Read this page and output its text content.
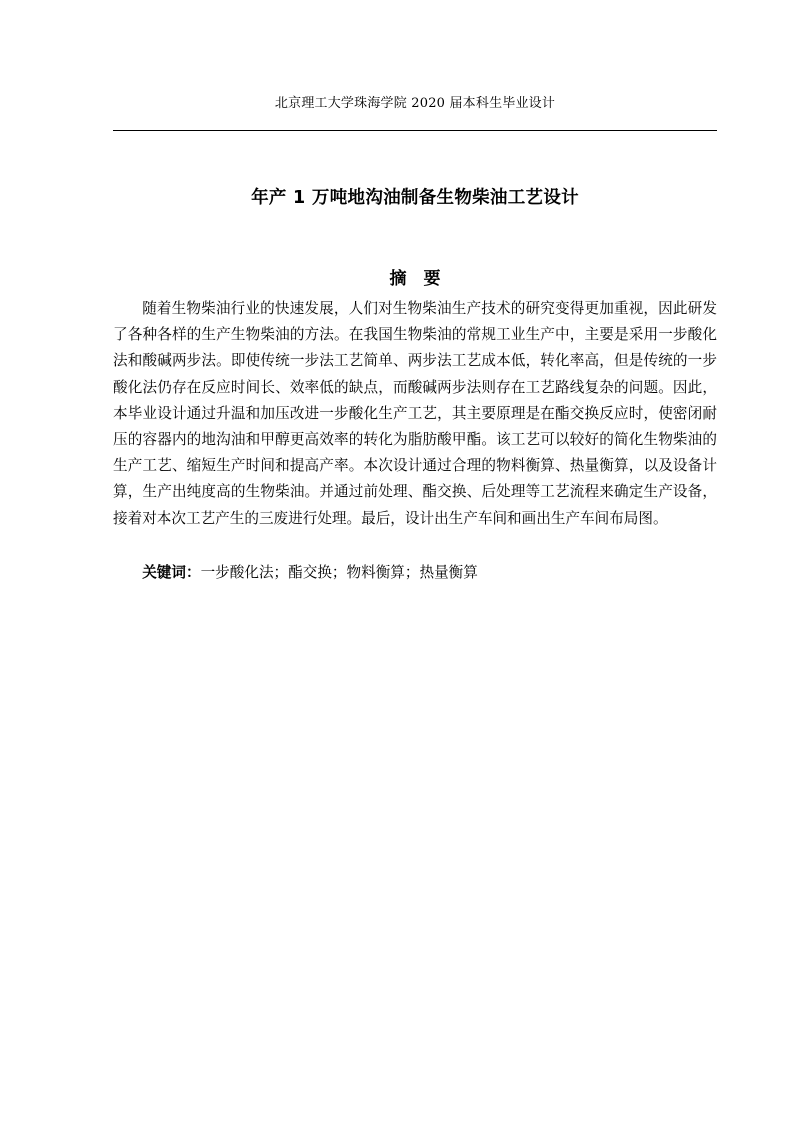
北京理工大学珠海学院 2020 届本科生毕业设计
年产 1 万吨地沟油制备生物柴油工艺设计
摘要

随着生物柴油行业的快速发展，人们对生物柴油生产技术的研究变得更加重视，因此研发了各种各样的生产生物柴油的方法。在我国生物柴油的常规工业生产中，主要是采用一步酸化法和酸碱两步法。即使传统一步法工艺简单、两步法工艺成本低，转化率高，但是传统的一步酸化法仍存在反应时间长、效率低的缺点，而酸碱两步法则存在工艺路线复杂的问题。因此，本毕业设计通过升温和加压改进一步酸化生产工艺，其主要原理是在酯交换反应时，使密闭耐压的容器内的地沟油和甲醇更高效率的转化为脂肪酸甲酯。该工艺可以较好的简化生物柴油的生产工艺、缩短生产时间和提高产率。本次设计通过合理的物料衡算、热量衡算，以及设备计算，生产出纯度高的生物柴油。并通过前处理、酯交换、后处理等工艺流程来确定生产设备，接着对本次工艺产生的三废进行处理。最后，设计出生产车间和画出生产车间布局图。

关键词：一步酸化法；酯交换；物料衡算；热量衡算
